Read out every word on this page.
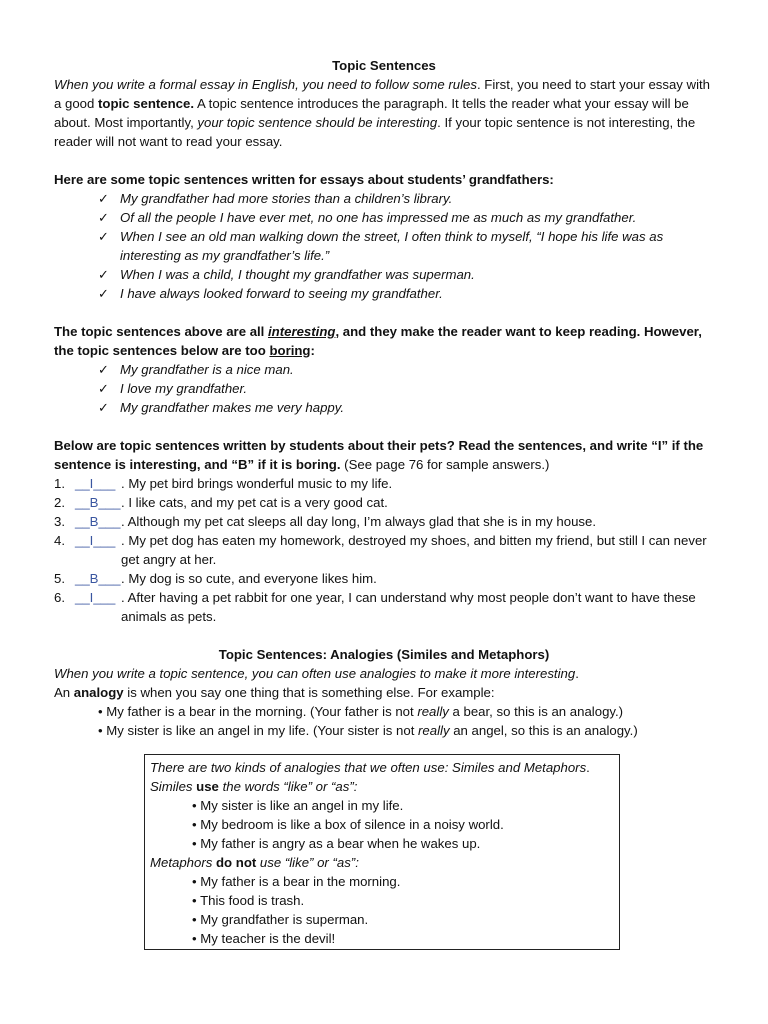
Topic Sentences

When you write a formal essay in English, you need to follow some rules. First, you need to start your essay with a good topic sentence. A topic sentence introduces the paragraph. It tells the reader what your essay will be about. Most importantly, your topic sentence should be interesting. If your topic sentence is not interesting, the reader will not want to read your essay.

Here are some topic sentences written for essays about students’ grandfathers:

✓ My grandfather had more stories than a children’s library.
✓ Of all the people I have ever met, no one has impressed me as much as my grandfather.
✓ When I see an old man walking down the street, I often think to myself, “I hope his life was as interesting as my grandfather’s life.”
✓ When I was a child, I thought my grandfather was superman.
✓ I have always looked forward to seeing my grandfather.

The topic sentences above are all interesting, and they make the reader want to keep reading. However, the topic sentences below are too boring:

✓ My grandfather is a nice man.
✓ I love my grandfather.
✓ My grandfather makes me very happy.

Below are topic sentences written by students about their pets? Read the sentences, and write “I” if the sentence is interesting, and “B” if it is boring. (See page 76 for sample answers.)

1. __I___ . My pet bird brings wonderful music to my life.
2. __B___ . I like cats, and my pet cat is a very good cat.
3. __B___ . Although my pet cat sleeps all day long, I’m always glad that she is in my house.
4. __I___ . My pet dog has eaten my homework, destroyed my shoes, and bitten my friend, but still I can never get angry at her.
5. __B___ . My dog is so cute, and everyone likes him.
6. __I___ . After having a pet rabbit for one year, I can understand why most people don’t want to have these animals as pets.

Topic Sentences: Analogies (Similes and Metaphors)

When you write a topic sentence, you can often use analogies to make it more interesting.

An analogy is when you say one thing that is something else. For example:

• My father is a bear in the morning. (Your father is not really a bear, so this is an analogy.)

• My sister is like an angel in my life. (Your sister is not really an angel, so this is an analogy.)

There are two kinds of analogies that we often use: Similes and Metaphors.

Similes use the words “like” or “as”:

• My sister is like an angel in my life.

• My bedroom is like a box of silence in a noisy world.

• My father is angry as a bear when he wakes up.

Metaphors do not use “like” or “as”:

• My father is a bear in the morning.

• This food is trash.

• My grandfather is superman.

• My teacher is the devil!
